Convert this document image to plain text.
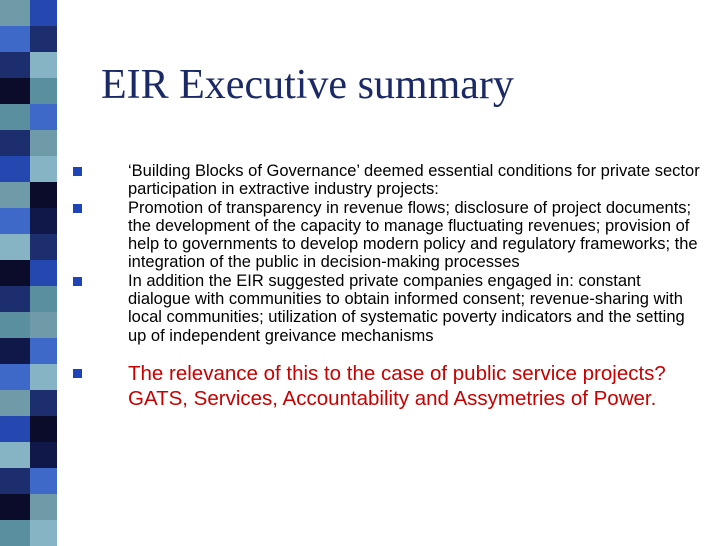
EIR Executive summary
‘Building Blocks of Governance’ deemed essential conditions for private sector participation in extractive industry projects:
Promotion of transparency in revenue flows; disclosure of project documents; the development of the capacity to manage fluctuating revenues; provision of help to governments to develop modern policy and regulatory frameworks; the integration of the public in decision-making processes
In addition the EIR suggested private companies engaged in: constant dialogue with communities to obtain informed consent; revenue-sharing with local communities; utilization of systematic poverty indicators and the setting up of independent greivance mechanisms
The relevance of this to the case of public service projects? GATS, Services, Accountability and Assymetries of Power.
